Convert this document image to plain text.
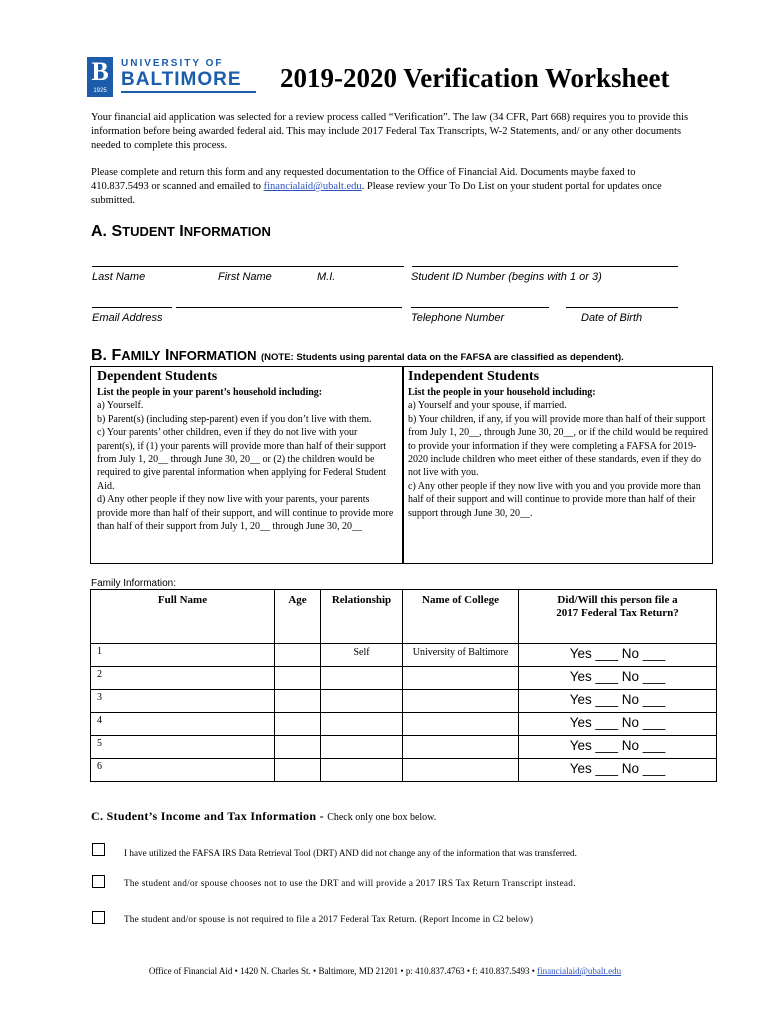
B
1925
UNIVERSITY OF
BALTIMORE 2019-2020 Verification Worksheet
Your financial aid application was selected for a review process called “Verification”. The law (34 CFR, Part 668) requires you to provide this information before being awarded federal aid. This may include 2017 Federal Tax Transcripts, W-2 Statements, and/ or any other documents needed to complete this process.
Please complete and return this form and any requested documentation to the Office of Financial Aid. Documents maybe faxed to 410.837.5493 or scanned and emailed to financialaid@ubalt.edu. Please review your To Do List on your student portal for updates once submitted.
A. STUDENT INFORMATION
Last Name	First Name	M.I.	Student ID Number (begins with 1 or 3)
Email Address	Telephone Number	Date of Birth
B. FAMILY INFORMATION (NOTE: Students using parental data on the FAFSA are classified as dependent).
Dependent Students
List the people in your parent’s household including:
a) Yourself.
b) Parent(s) (including step-parent) even if you don’t live with them.
c) Your parents’ other children, even if they do not live with your parent(s), if (1) your parents will provide more than half of their support from July 1, 20__ through June 30, 20__ or (2) the children would be required to give parental information when applying for Federal Student Aid.
d) Any other people if they now live with your parents, your parents provide more than half of their support, and will continue to provide more than half of their support from July 1, 20__ through June 30, 20__
Independent Students
List the people in your household including:
a) Yourself and your spouse, if married.
b) Your children, if any, if you will provide more than half of their support from July 1, 20__, through June 30, 20__, or if the child would be required to provide your information if they were completing a FAFSA for 2019-2020 include children who meet either of these standards, even if they do not live with you.
c) Any other people if they now live with you and you provide more than half of their support and will continue to provide more than half of their support through June 30, 20__.
Family Information:
Full Name	Age	Relationship	Name of College	Did/Will this person file a 2017 Federal Tax Return?
1		Self	University of Baltimore	Yes ___ No ___
2				Yes ___ No ___
3				Yes ___ No ___
4				Yes ___ No ___
5				Yes ___ No ___
6				Yes ___ No ___
C. Student’s Income and Tax Information - Check only one box below.
I have utilized the FAFSA IRS Data Retrieval Tool (DRT) AND did not change any of the information that was transferred.
The student and/or spouse chooses not to use the DRT and will provide a 2017 IRS Tax Return Transcript instead.
The student and/or spouse is not required to file a 2017 Federal Tax Return. (Report Income in C2 below)
Office of Financial Aid • 1420 N. Charles St. • Baltimore, MD 21201 • p: 410.837.4763 • f: 410.837.5493 • financialaid@ubalt.edu
